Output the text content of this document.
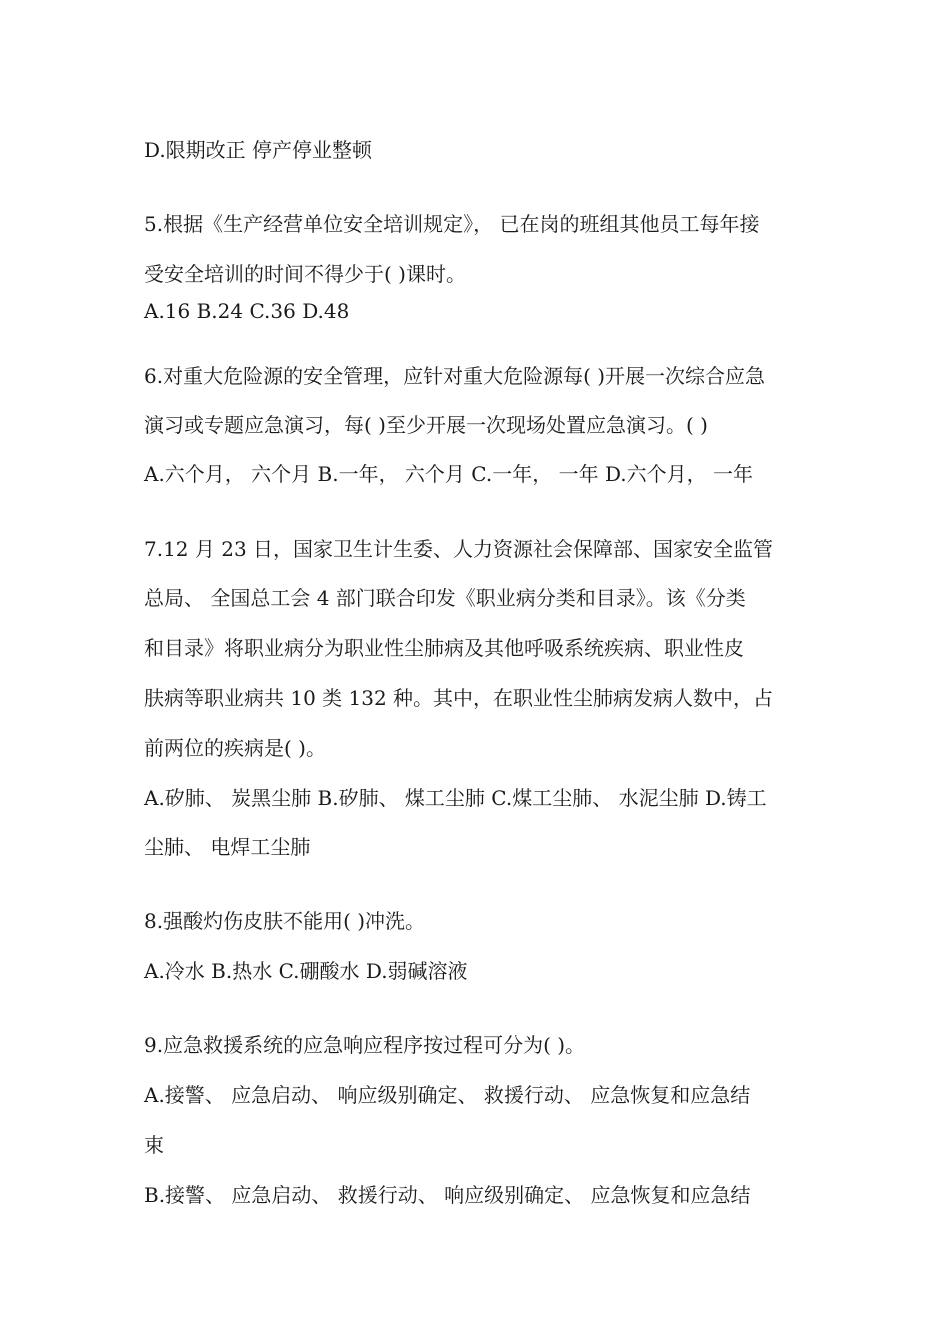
D.限期改正 停产停业整顿
5.根据《生产经营单位安全培训规定》， 已在岗的班组其他员工每年接
受安全培训的时间不得少于( )课时。
A.16 B.24 C.36 D.48
6.对重大危险源的安全管理，应针对重大危险源每( )开展一次综合应急
演习或专题应急演习，每( )至少开展一次现场处置应急演习。( )
A.六个月， 六个月 B.一年， 六个月 C.一年， 一年 D.六个月， 一年
7.12 月 23 日，国家卫生计生委、人力资源社会保障部、国家安全监管
总局、 全国总工会 4 部门联合印发《职业病分类和目录》。该《分类
和目录》将职业病分为职业性尘肺病及其他呼吸系统疾病、职业性皮
肤病等职业病共 10 类 132 种。其中，在职业性尘肺病发病人数中，占
前两位的疾病是( )。
A.矽肺、 炭黑尘肺 B.矽肺、 煤工尘肺 C.煤工尘肺、 水泥尘肺 D.铸工
尘肺、 电焊工尘肺
8.强酸灼伤皮肤不能用( )冲洗。
A.冷水 B.热水 C.硼酸水 D.弱碱溶液
9.应急救援系统的应急响应程序按过程可分为( )。
A.接警、 应急启动、 响应级别确定、 救援行动、 应急恢复和应急结
束
B.接警、 应急启动、 救援行动、 响应级别确定、 应急恢复和应急结
